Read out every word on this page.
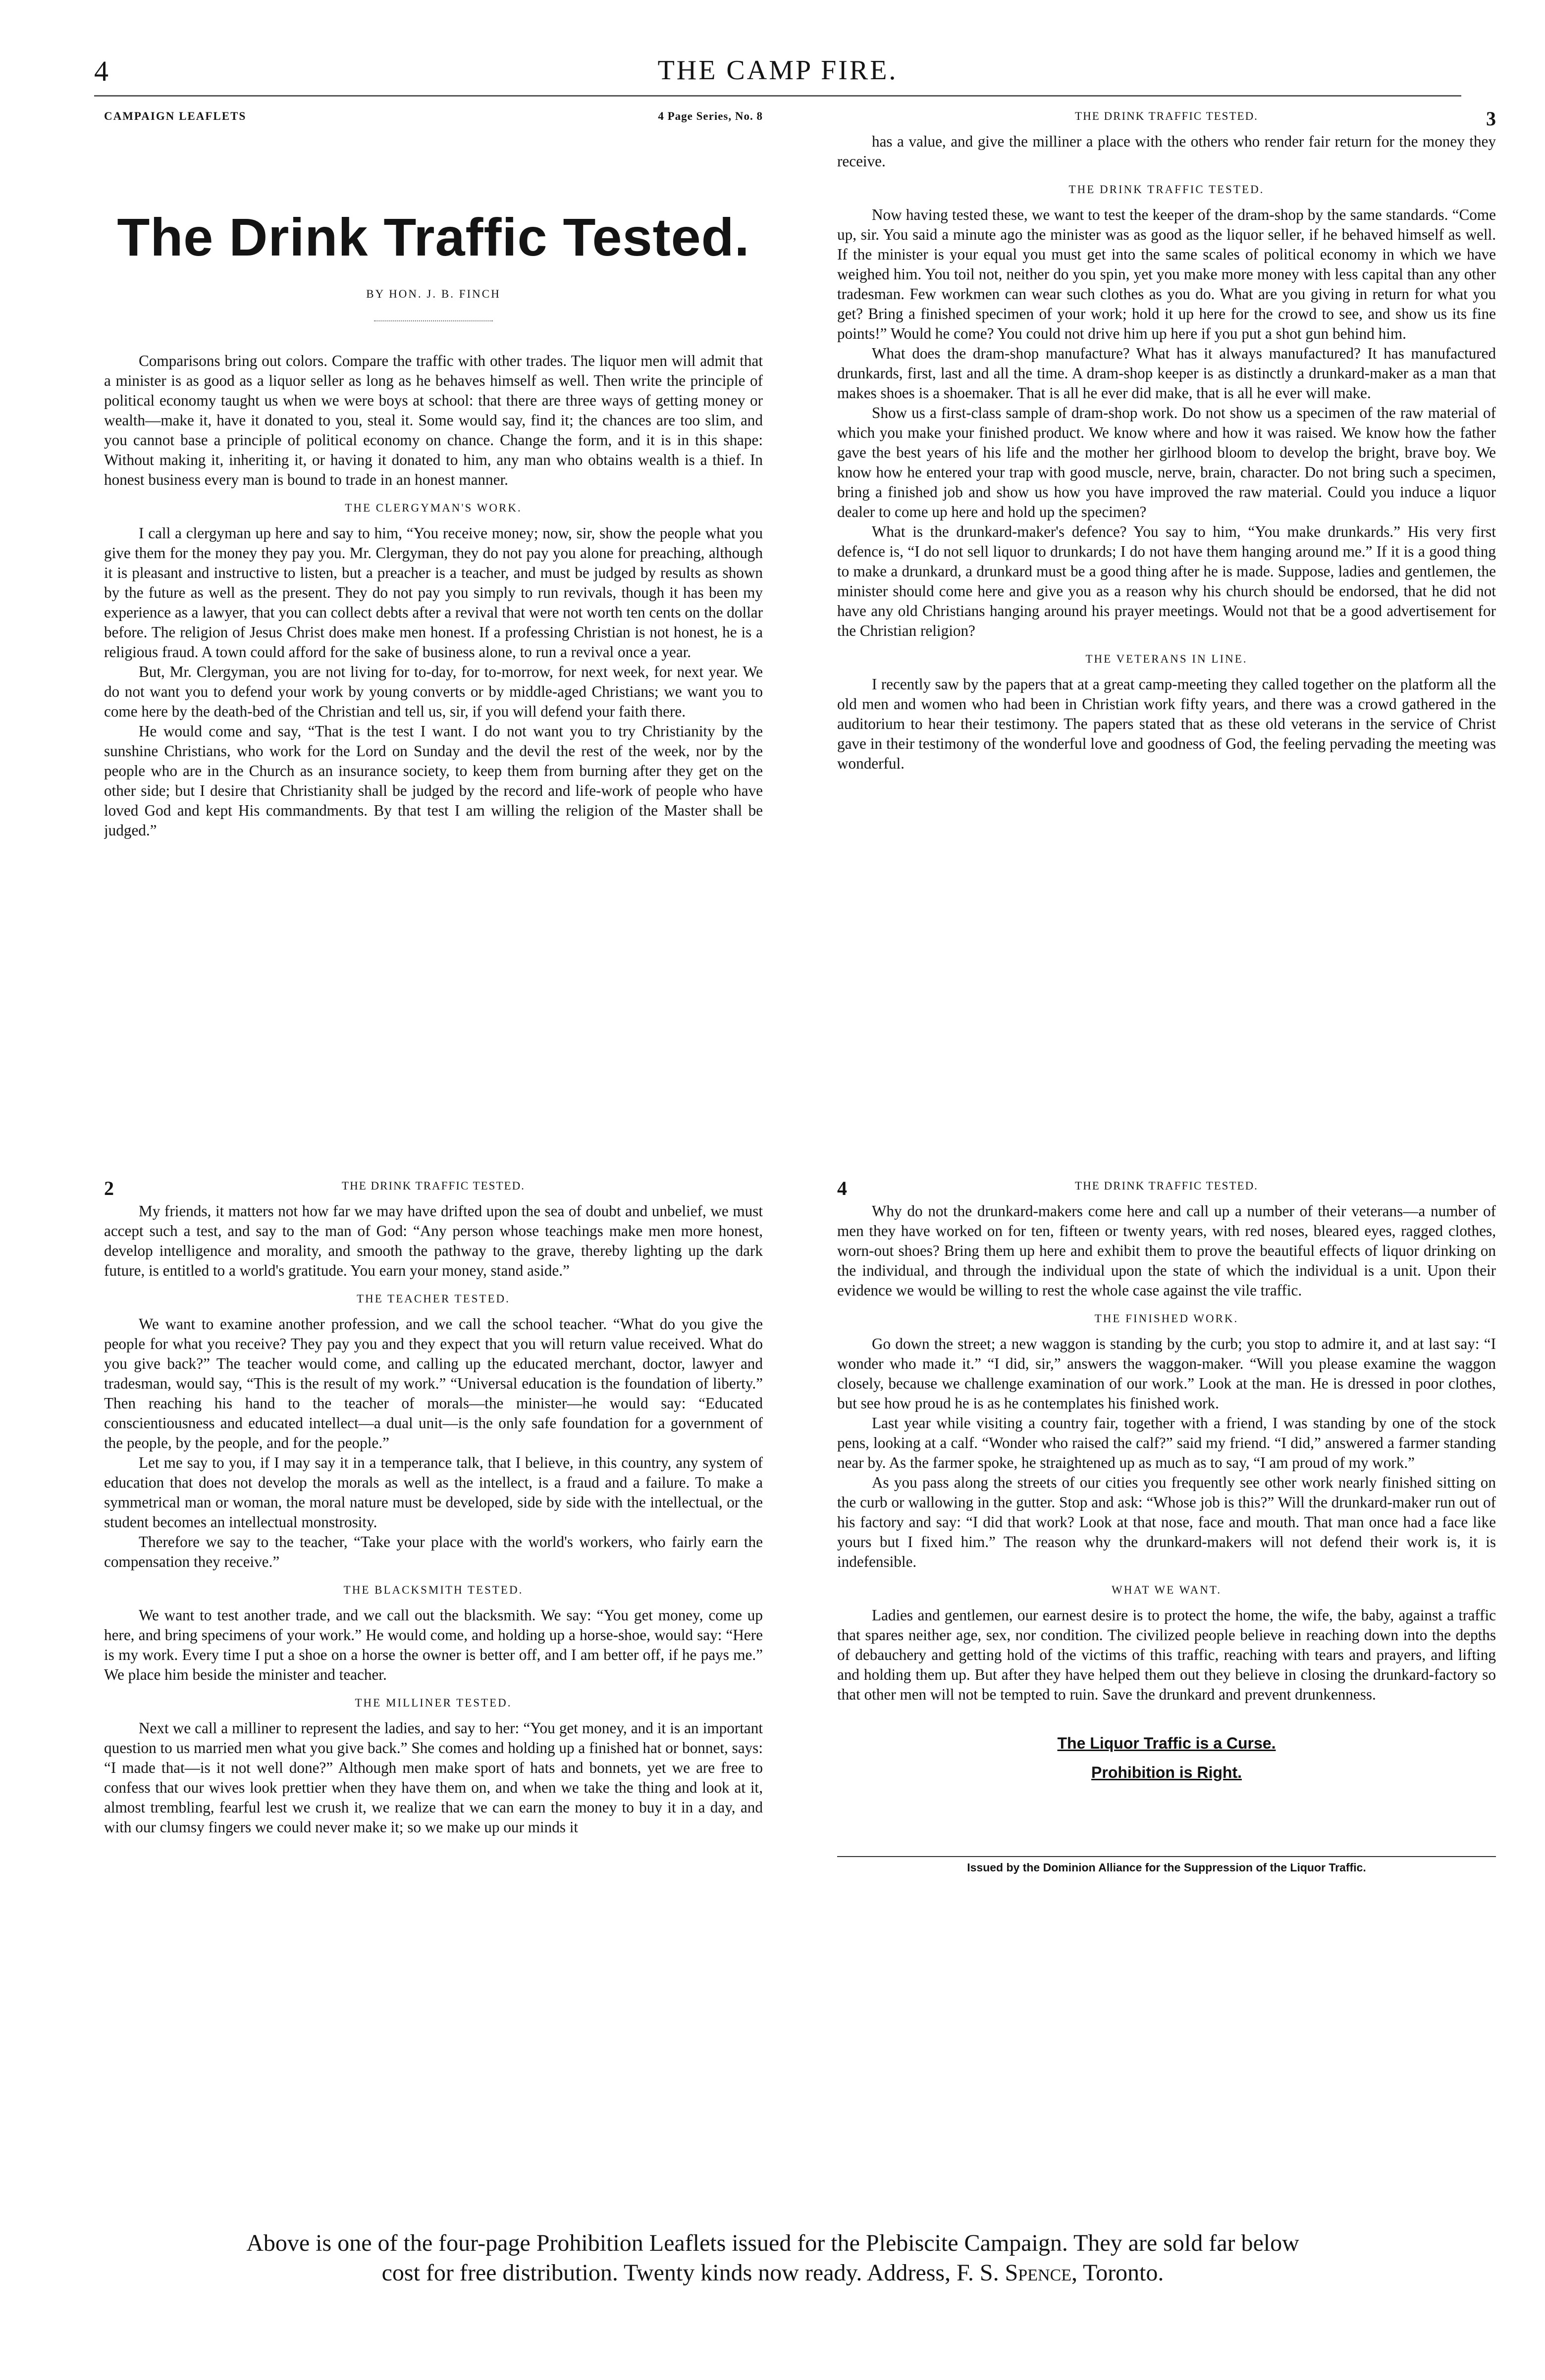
4	THE CAMP FIRE.
CAMPAIGN LEAFLETS	4 Page Series, No. 8
The Drink Traffic Tested.
BY HON. J. B. FINCH

Comparisons bring out colors. Compare the traffic with other trades. The liquor men will admit that a minister is as good as a liquor seller as long as he behaves himself as well. Then write the principle of political economy taught us when we were boys at school: that there are three ways of getting money or wealth—make it, have it donated to you, steal it. Some would say, find it; the chances are too slim, and you cannot base a principle of political economy on chance. Change the form, and it is in this shape: Without making it, inheriting it, or having it donated to him, any man who obtains wealth is a thief. In honest business every man is bound to trade in an honest manner.

THE CLERGYMAN'S WORK.

I call a clergyman up here and say to him, “You receive money; now, sir, show the people what you give them for the money they pay you. Mr. Clergyman, they do not pay you alone for preaching, although it is pleasant and instructive to listen, but a preacher is a teacher, and must be judged by results as shown by the future as well as the present. They do not pay you simply to run revivals, though it has been my experience as a lawyer, that you can collect debts after a revival that were not worth ten cents on the dollar before. The religion of Jesus Christ does make men honest. If a professing Christian is not honest, he is a religious fraud. A town could afford for the sake of business alone, to run a revival once a year.

But, Mr. Clergyman, you are not living for to-day, for to-morrow, for next week, for next year. We do not want you to defend your work by young converts or by middle-aged Christians; we want you to come here by the death-bed of the Christian and tell us, sir, if you will defend your faith there.

He would come and say, “That is the test I want. I do not want you to try Christianity by the sunshine Christians, who work for the Lord on Sunday and the devil the rest of the week, nor by the people who are in the Church as an insurance society, to keep them from burning after they get on the other side; but I desire that Christianity shall be judged by the record and life-work of people who have loved God and kept His commandments. By that test I am willing the religion of the Master shall be judged.”

THE DRINK TRAFFIC TESTED.	3

has a value, and give the milliner a place with the others who render fair return for the money they receive.

THE DRINK TRAFFIC TESTED.

Now having tested these, we want to test the keeper of the dram-shop by the same standards. “Come up, sir. You said a minute ago the minister was as good as the liquor seller, if he behaved himself as well. If the minister is your equal you must get into the same scales of political economy in which we have weighed him. You toil not, neither do you spin, yet you make more money with less capital than any other tradesman. Few workmen can wear such clothes as you do. What are you giving in return for what you get? Bring a finished specimen of your work; hold it up here for the crowd to see, and show us its fine points!” Would he come? You could not drive him up here if you put a shot gun behind him.

What does the dram-shop manufacture? What has it always manufactured? It has manufactured drunkards, first, last and all the time. A dram-shop keeper is as distinctly a drunkard-maker as a man that makes shoes is a shoemaker. That is all he ever did make, that is all he ever will make.

Show us a first-class sample of dram-shop work. Do not show us a specimen of the raw material of which you make your finished product. We know where and how it was raised. We know how the father gave the best years of his life and the mother her girlhood bloom to develop the bright, brave boy. We know how he entered your trap with good muscle, nerve, brain, character. Do not bring such a specimen, bring a finished job and show us how you have improved the raw material. Could you induce a liquor dealer to come up here and hold up the specimen?

What is the drunkard-maker's defence? You say to him, “You make drunkards.” His very first defence is, “I do not sell liquor to drunkards; I do not have them hanging around me.” If it is a good thing to make a drunkard, a drunkard must be a good thing after he is made. Suppose, ladies and gentlemen, the minister should come here and give you as a reason why his church should be endorsed, that he did not have any old Christians hanging around his prayer meetings. Would not that be a good advertisement for the Christian religion?

THE VETERANS IN LINE.

I recently saw by the papers that at a great camp-meeting they called together on the platform all the old men and women who had been in Christian work fifty years, and there was a crowd gathered in the auditorium to hear their testimony. The papers stated that as these old veterans in the service of Christ gave in their testimony of the wonderful love and goodness of God, the feeling pervading the meeting was wonderful.

2	THE DRINK TRAFFIC TESTED.

My friends, it matters not how far we may have drifted upon the sea of doubt and unbelief, we must accept such a test, and say to the man of God: “Any person whose teachings make men more honest, develop intelligence and morality, and smooth the pathway to the grave, thereby lighting up the dark future, is entitled to a world's gratitude. You earn your money, stand aside.”

THE TEACHER TESTED.

We want to examine another profession, and we call the school teacher. “What do you give the people for what you receive? They pay you and they expect that you will return value received. What do you give back?” The teacher would come, and calling up the educated merchant, doctor, lawyer and tradesman, would say, “This is the result of my work.” “Universal education is the foundation of liberty.” Then reaching his hand to the teacher of morals—the minister—he would say: “Educated conscientiousness and educated intellect—a dual unit—is the only safe foundation for a government of the people, by the people, and for the people.”

Let me say to you, if I may say it in a temperance talk, that I believe, in this country, any system of education that does not develop the morals as well as the intellect, is a fraud and a failure. To make a symmetrical man or woman, the moral nature must be developed, side by side with the intellectual, or the student becomes an intellectual monstrosity.

Therefore we say to the teacher, “Take your place with the world's workers, who fairly earn the compensation they receive.”

THE BLACKSMITH TESTED.

We want to test another trade, and we call out the blacksmith. We say: “You get money, come up here, and bring specimens of your work.” He would come, and holding up a horse-shoe, would say: “Here is my work. Every time I put a shoe on a horse the owner is better off, and I am better off, if he pays me.” We place him beside the minister and teacher.

THE MILLINER TESTED.

Next we call a milliner to represent the ladies, and say to her: “You get money, and it is an important question to us married men what you give back.” She comes and holding up a finished hat or bonnet, says: “I made that—is it not well done?” Although men make sport of hats and bonnets, yet we are free to confess that our wives look prettier when they have them on, and when we take the thing and look at it, almost trembling, fearful lest we crush it, we realize that we can earn the money to buy it in a day, and with our clumsy fingers we could never make it; so we make up our minds it

4	THE DRINK TRAFFIC TESTED.

Why do not the drunkard-makers come here and call up a number of their veterans—a number of men they have worked on for ten, fifteen or twenty years, with red noses, bleared eyes, ragged clothes, worn-out shoes? Bring them up here and exhibit them to prove the beautiful effects of liquor drinking on the individual, and through the individual upon the state of which the individual is a unit. Upon their evidence we would be willing to rest the whole case against the vile traffic.

THE FINISHED WORK.

Go down the street; a new waggon is standing by the curb; you stop to admire it, and at last say: “I wonder who made it.” “I did, sir,” answers the waggon-maker. “Will you please examine the waggon closely, because we challenge examination of our work.” Look at the man. He is dressed in poor clothes, but see how proud he is as he contemplates his finished work.

Last year while visiting a country fair, together with a friend, I was standing by one of the stock pens, looking at a calf. “Wonder who raised the calf?” said my friend. “I did,” answered a farmer standing near by. As the farmer spoke, he straightened up as much as to say, “I am proud of my work.”

As you pass along the streets of our cities you frequently see other work nearly finished sitting on the curb or wallowing in the gutter. Stop and ask: “Whose job is this?” Will the drunkard-maker run out of his factory and say: “I did that work? Look at that nose, face and mouth. That man once had a face like yours but I fixed him.” The reason why the drunkard-makers will not defend their work is, it is indefensible.

WHAT WE WANT.

Ladies and gentlemen, our earnest desire is to protect the home, the wife, the baby, against a traffic that spares neither age, sex, nor condition. The civilized people believe in reaching down into the depths of debauchery and getting hold of the victims of this traffic, reaching with tears and prayers, and lifting and holding them up. But after they have helped them out they believe in closing the drunkard-factory so that other men will not be tempted to ruin. Save the drunkard and prevent drunkenness.

The Liquor Traffic is a Curse.
Prohibition is Right.
Issued by the Dominion Alliance for the Suppression of the Liquor Traffic.
Above is one of the four-page Prohibition Leaflets issued for the Plebiscite Campaign. They are sold far below
cost for free distribution. Twenty kinds now ready. Address, F. S. Spence, Toronto.
